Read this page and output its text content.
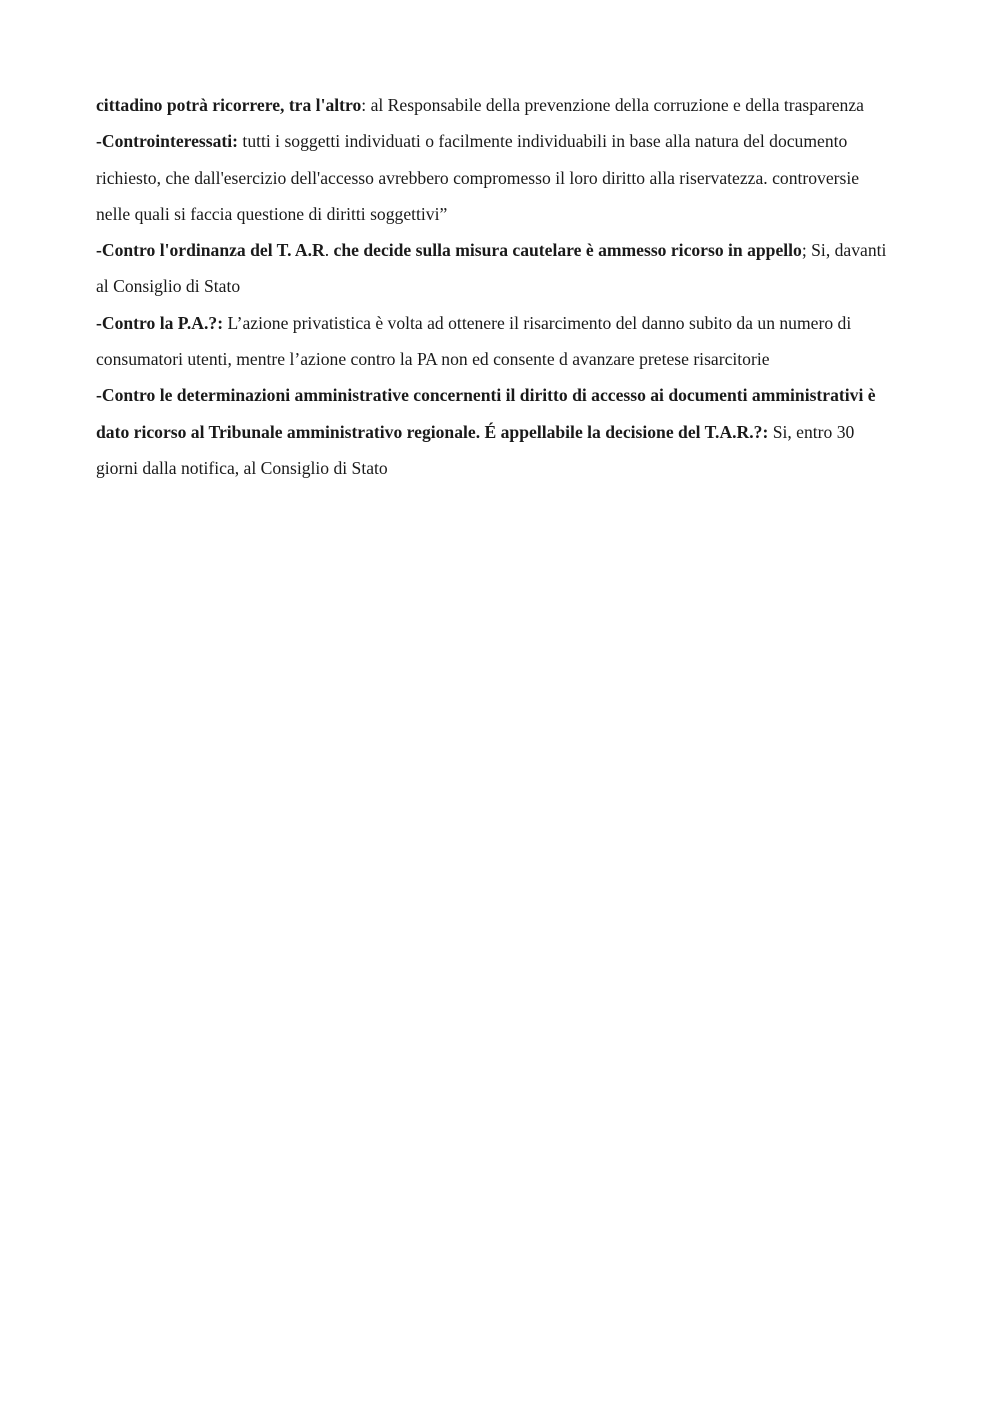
cittadino potrà ricorrere, tra l'altro: al Responsabile della prevenzione della corruzione e della trasparenza

-Controinteressati: tutti i soggetti individuati o facilmente individuabili in base alla natura del documento richiesto, che dall'esercizio dell'accesso avrebbero compromesso il loro diritto alla riservatezza. controversie nelle quali si faccia questione di diritti soggettivi”

-Contro l'ordinanza del T. A.R. che decide sulla misura cautelare è ammesso ricorso in appello; Si, davanti al Consiglio di Stato

-Contro la P.A.?: L’azione privatistica è volta ad ottenere il risarcimento del danno subito da un numero di consumatori utenti, mentre l’azione contro la PA non ed consente d avanzare pretese risarcitorie

-Contro le determinazioni amministrative concernenti il diritto di accesso ai documenti amministrativi è dato ricorso al Tribunale amministrativo regionale. É appellabile la decisione del T.A.R.?: Si, entro 30 giorni dalla notifica, al Consiglio di Stato
